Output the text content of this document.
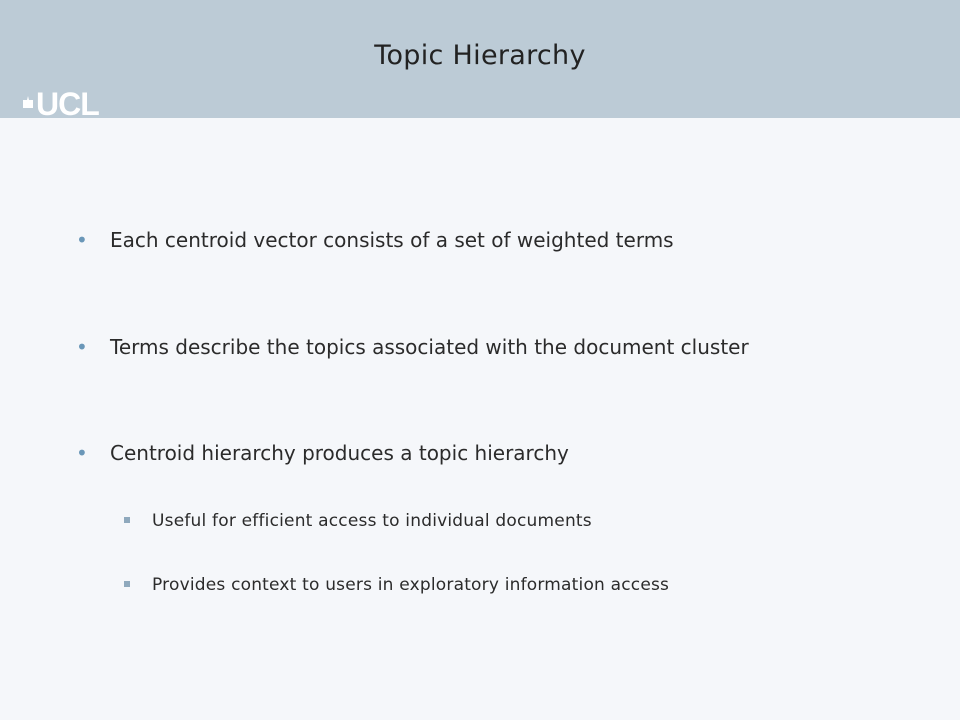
Topic Hierarchy
UCL
•	Each centroid vector consists of a set of weighted terms
•	Terms describe the topics associated with the document cluster
•	Centroid hierarchy produces a topic hierarchy
Useful for efficient access to individual documents
Provides context to users in exploratory information access
